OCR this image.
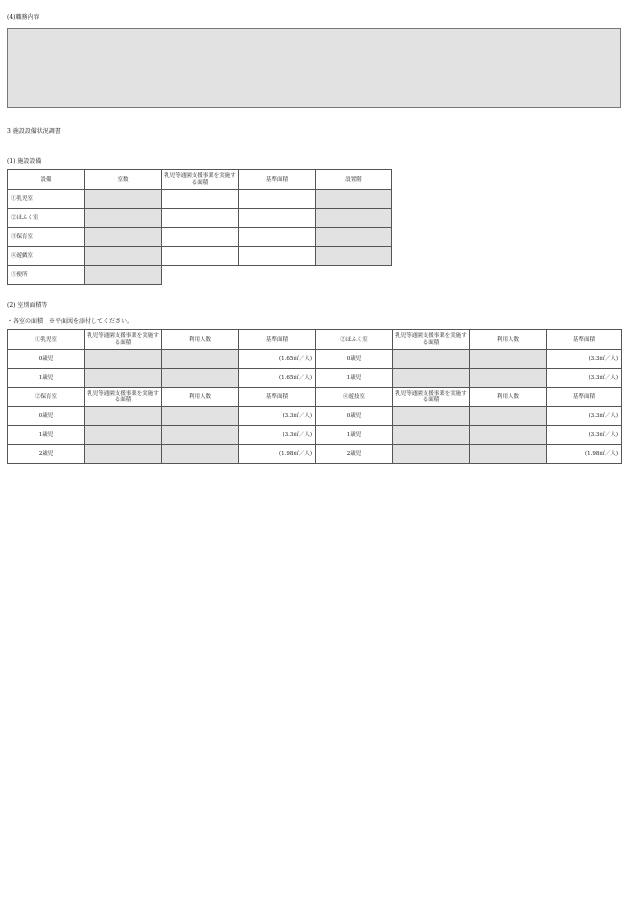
(4)職務内容
3 施設設備状況調書
(1) 施設設備
設備	室数	乳児等通園支援事業を実施する面積	基準面積	設置階
①乳児室				
②ほふく室				
③保育室				
④遊戯室				
⑤便所				
(2) 室別面積等
・各室の面積　※平面図を添付してください。
①乳児室	乳児等通園支援事業を実施する面積	利用人数	基準面積	②ほふく室	乳児等通園支援事業を実施する面積	利用人数	基準面積
0歳児			(1.65㎡／人)	0歳児			(3.3㎡／人)
1歳児			(1.65㎡／人)	1歳児			(3.3㎡／人)
②保育室	乳児等通園支援事業を実施する面積	利用人数	基準面積	④遊技室	乳児等通園支援事業を実施する面積	利用人数	基準面積
0歳児			(3.3㎡／人)	0歳児			(3.3㎡／人)
1歳児			(3.3㎡／人)	1歳児			(3.3㎡／人)
2歳児			(1.98㎡／人)	2歳児			(1.98㎡／人)
